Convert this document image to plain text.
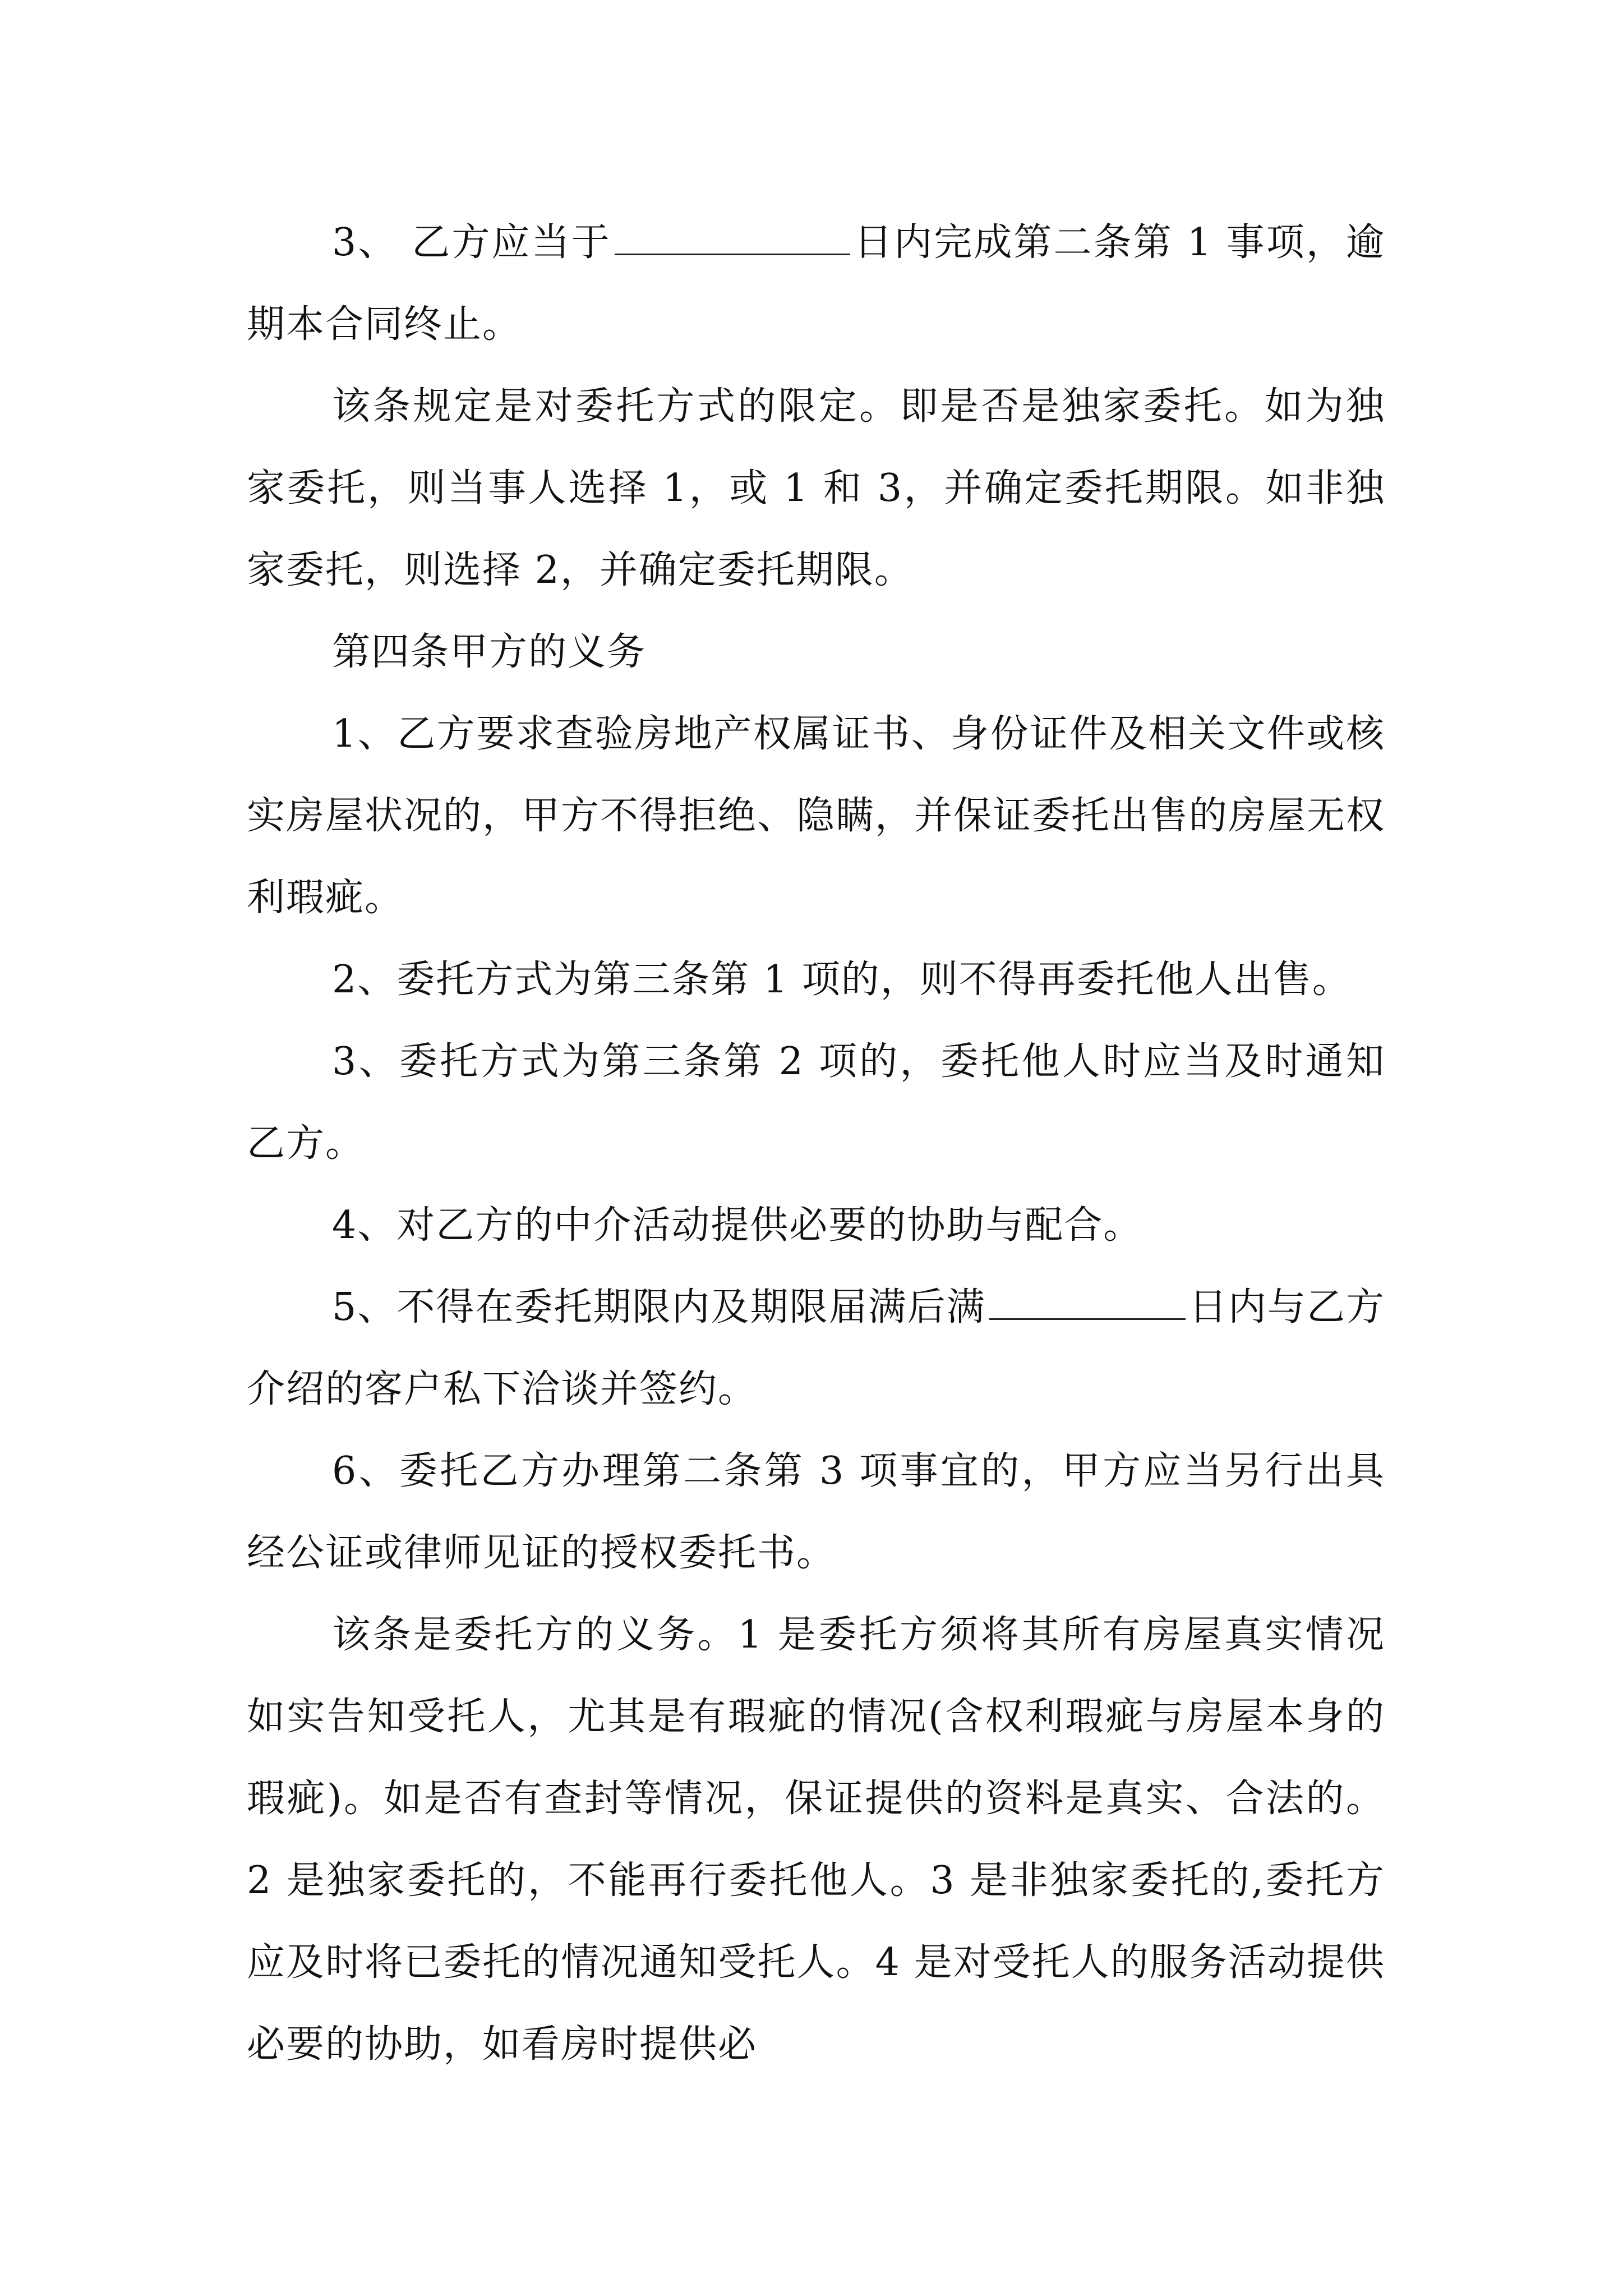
3、 乙方应当于	日内完成第二条第 1 事项，逾期本合同终止。

该条规定是对委托方式的限定。即是否是独家委托。如为独家委托，则当事人选择 1，或 1 和 3，并确定委托期限。如非独家委托，则选择 2，并确定委托期限。

第四条甲方的义务

1、乙方要求查验房地产权属证书、身份证件及相关文件或核实房屋状况的，甲方不得拒绝、隐瞒，并保证委托出售的房屋无权利瑕疵。

2、委托方式为第三条第 1 项的，则不得再委托他人出售。

3、委托方式为第三条第 2 项的，委托他人时应当及时通知乙方。

4、对乙方的中介活动提供必要的协助与配合。

5、不得在委托期限内及期限届满后满	日内与乙方介绍的客户私下洽谈并签约。

6、委托乙方办理第二条第 3 项事宜的，甲方应当另行出具经公证或律师见证的授权委托书。

该条是委托方的义务。1 是委托方须将其所有房屋真实情况如实告知受托人，尤其是有瑕疵的情况(含权利瑕疵与房屋本身的瑕疵)。如是否有查封等情况，保证提供的资料是真实、合法的。2 是独家委托的，不能再行委托他人。3 是非独家委托的,委托方应及时将已委托的情况通知受托人。4 是对受托人的服务活动提供必要的协助，如看房时提供必
